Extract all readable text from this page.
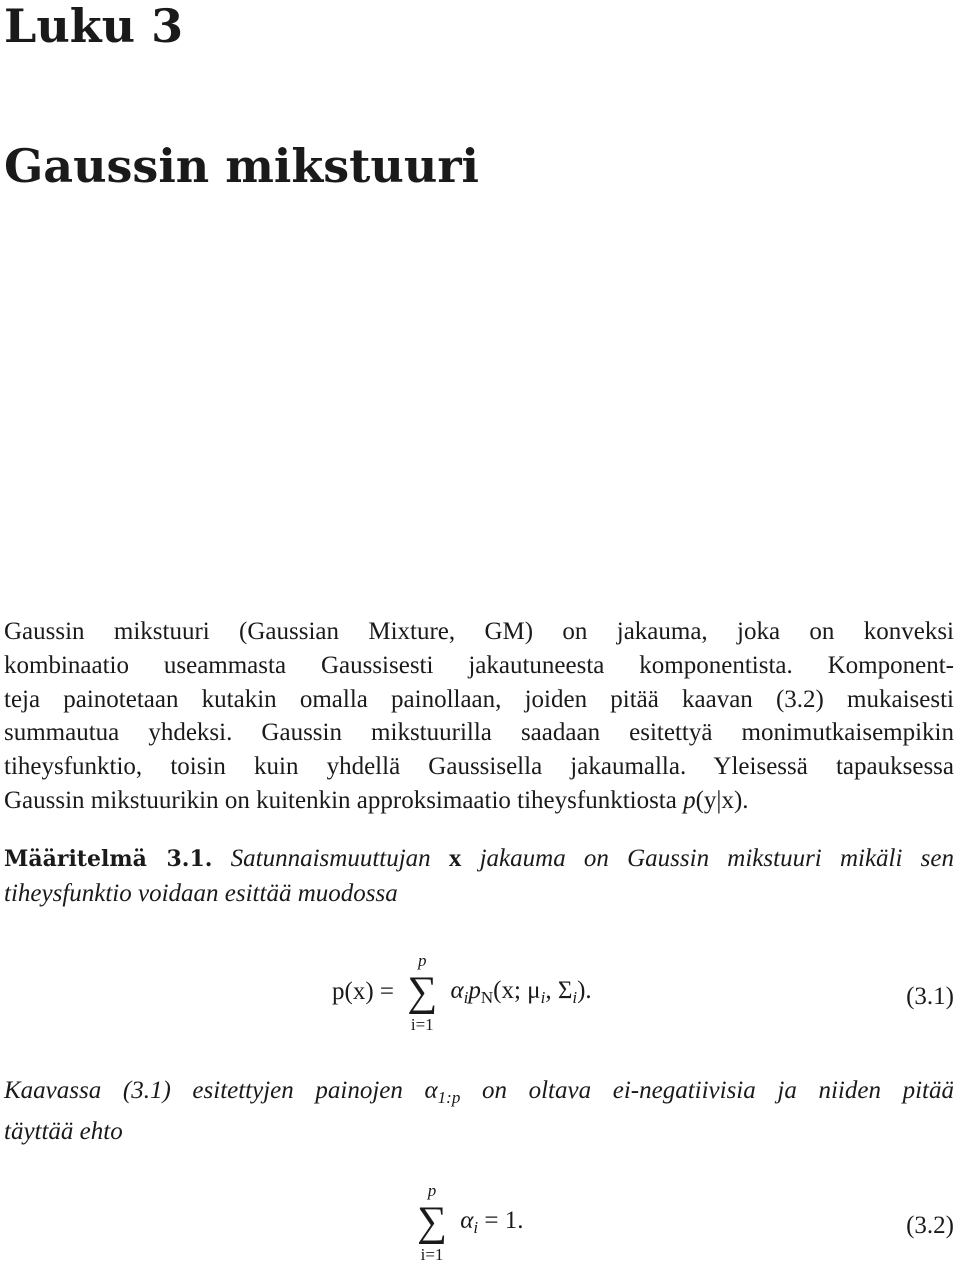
Luku 3
Gaussin mikstuuri
Gaussin mikstuuri (Gaussian Mixture, GM) on jakauma, joka on konveksi
kombinaatio useammasta Gaussisesti jakautuneesta komponentista. Komponent-
teja painotetaan kutakin omalla painollaan, joiden pitää kaavan (3.2) mukaisesti
summautua yhdeksi. Gaussin mikstuurilla saadaan esitettyä monimutkaisempikin
tiheysfunktio, toisin kuin yhdellä Gaussisella jakaumalla. Yleisessä tapauksessa
Gaussin mikstuurikin on kuitenkin approksimaatio tiheysfunktiosta p(y|x).
Määritelmä 3.1. Satunnaismuuttujan x jakauma on Gaussin mikstuuri mikäli sen
tiheysfunktio voidaan esittää muodossa
p(x) =
p
∑
i=1
$\alpha_ip_N(x$; $\mu_i$, $\Sigma_i$).	(3.1)
Kaavassa (3.1) esitettyjen painojen $\alpha_{1:p}$ on oltava ei-negatiivisia ja niiden pitää
täyttää ehto
p
∑
i=1
$\alpha_i = 1$.	(3.2)
